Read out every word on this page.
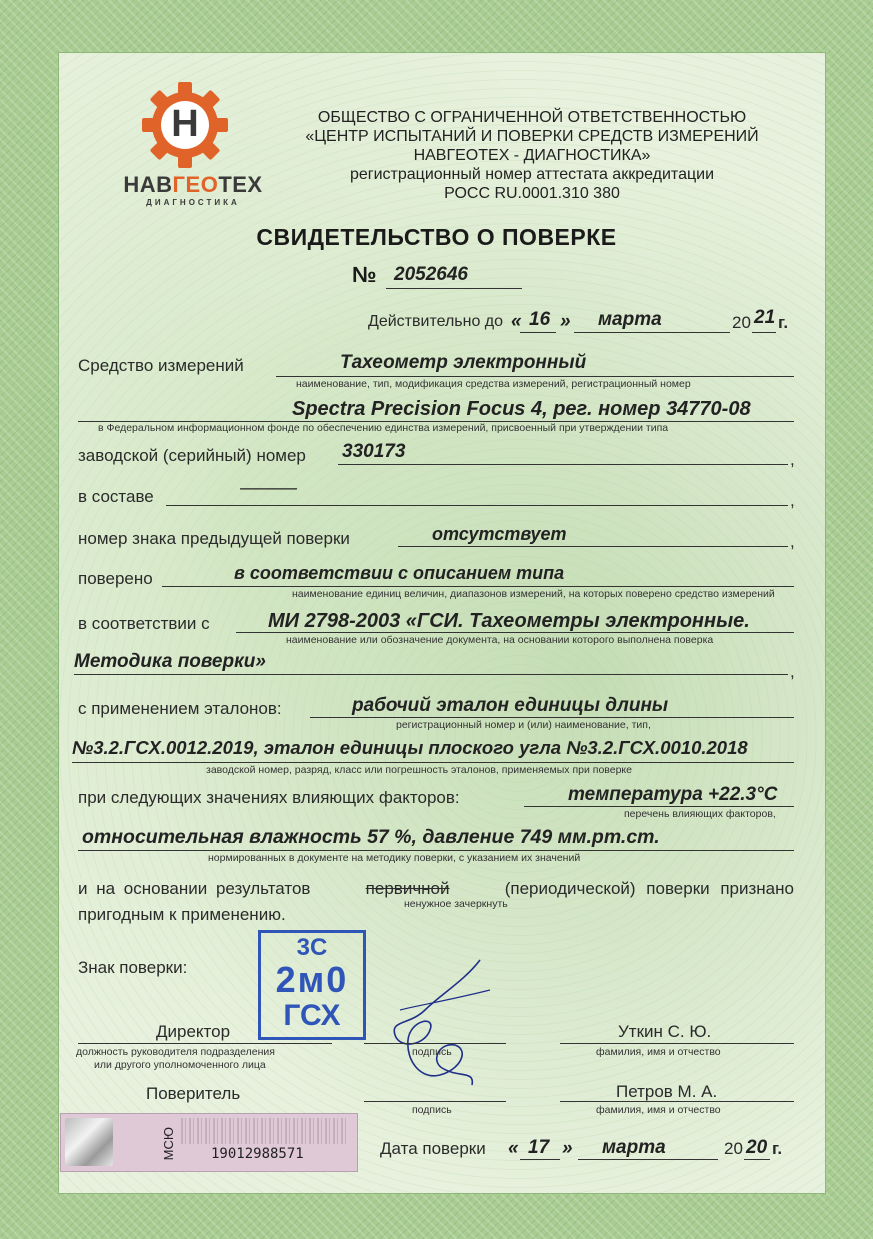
Н
НАВГЕОТЕХ
ДИАГНОСТИКА
ОБЩЕСТВО С ОГРАНИЧЕННОЙ ОТВЕТСТВЕННОСТЬЮ
«ЦЕНТР ИСПЫТАНИЙ И ПОВЕРКИ СРЕДСТВ ИЗМЕРЕНИЙ
НАВГЕОТЕХ - ДИАГНОСТИКА»
регистрационный номер аттестата аккредитации
РОСС RU.0001.310 380
СВИДЕТЕЛЬСТВО О ПОВЕРКЕ
№ 2052646
Действительно до « 16 » марта	20 21 г.
Средство измерений	Тахеометр электронный
наименование, тип, модификация средства измерений, регистрационный номер
Spectra Precision Focus 4, рег. номер 34770-08
в Федеральном информационном фонде по обеспечению единства измерений, присвоенный при утверждении типа
заводской (серийный) номер 330173	,
в составе	———
,
номер знака предыдущей поверки	отсутствует	,
поверено	в соответствии с описанием типа
наименование единиц величин, диапазонов измерений, на которых поверено средство измерений
в соответствии с	МИ 2798-2003 «ГСИ. Тахеометры электронные.
наименование или обозначение документа, на основании которого выполнена поверка
Методика поверки»	,
с применением эталонов:	рабочий эталон единицы длины
регистрационный номер и (или) наименование, тип,
№3.2.ГСХ.0012.2019, эталон единицы плоского угла №3.2.ГСХ.0010.2018
заводской номер, разряд, класс или погрешность эталонов, применяемых при поверке
при следующих значениях влияющих факторов:	температура +22.3°С
перечень влияющих факторов,
относительная влажность 57 %, давление 749 мм.рт.ст.
нормированных в документе на методику поверки, с указанием их значений
и на основании результатов	первичной	(периодической) поверки признано
ненужное зачеркнуть
пригодным к применению.
Знак поверки:
3С
2м0
ГСХ
Директор
должность руководителя подразделения
или другого уполномоченного лица
подпись
Уткин С. Ю.
фамилия, имя и отчество
Поверитель
подпись
Петров М. А.
фамилия, имя и отчество
МСЮ	19012988571	Дата поверки « 17 » марта	20 20 г.
